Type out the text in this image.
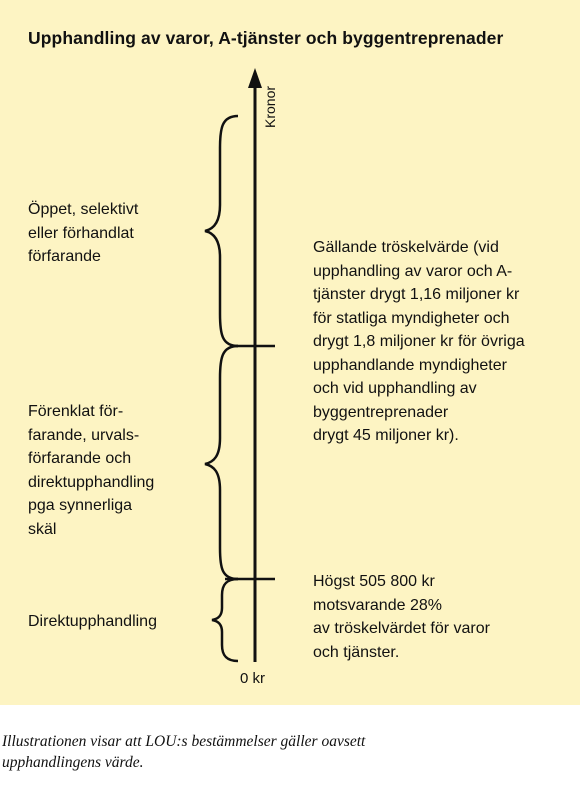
Upphandling av varor, A-tjänster och byggentreprenader
Kronor
0 kr
Öppet, selektivt
eller förhandlat
förfarande
Gällande tröskelvärde (vid
upphandling av varor och A-
tjänster drygt 1,16 miljoner kr
för statliga myndigheter och
drygt 1,8 miljoner kr för övriga
upphandlande myndigheter
och vid upphandling av
byggentreprenader
drygt 45 miljoner kr).
Förenklat för-
farande, urvals-
förfarande och
direktupphandling
pga synnerliga
skäl
Direktupphandling
Högst 505 800 kr
motsvarande 28%
av tröskelvärdet för varor
och tjänster.
Illustrationen visar att LOU:s bestämmelser gäller oavsett
upphandlingens värde.
